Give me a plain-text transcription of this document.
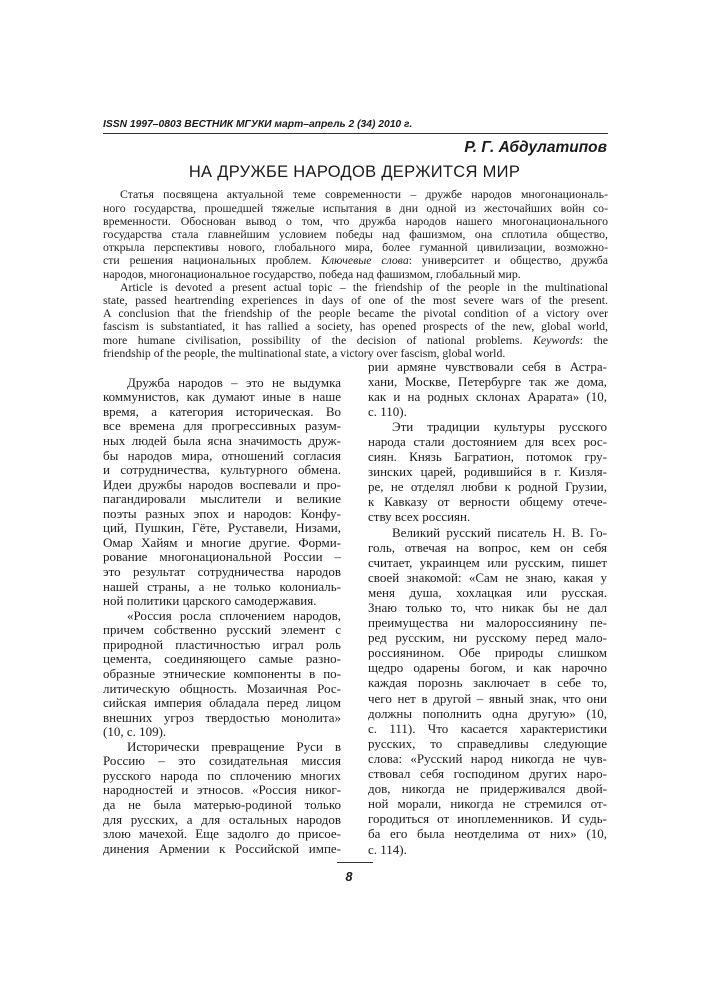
ISSN 1997–0803 ВЕСТНИК МГУКИ март–апрель 2 (34) 2010 г.
Р. Г. Абдулатипов
НА ДРУЖБЕ НАРОДОВ ДЕРЖИТСЯ МИР
Статья посвящена актуальной теме современности – дружбе народов многонациональ-
ного государства, прошедшей тяжелые испытания в дни одной из жесточайших войн со-
временности. Обоснован вывод о том, что дружба народов нашего многонационального
государства стала главнейшим условием победы над фашизмом, она сплотила общество,
открыла перспективы нового, глобального мира, более гуманной цивилизации, возможно-
сти решения национальных проблем. Ключевые слова: университет и общество, дружба
народов, многонациональное государство, победа над фашизмом, глобальный мир.
Article is devoted a present actual topic – the friendship of the people in the multinational
state, passed heartrending experiences in days of one of the most severe wars of the present.
A conclusion that the friendship of the people became the pivotal condition of a victory over
fascism is substantiated, it has rallied a society, has opened prospects of the new, global world,
more humane civilisation, possibility of the decision of national problems. Keywords: the
friendship of the people, the multinational state, a victory over fascism, global world.
Дружба народов – это не выдумка
коммунистов, как думают иные в наше
время, а категория историческая. Во
все времена для прогрессивных разум-
ных людей была ясна значимость друж-
бы народов мира, отношений согласия
и сотрудничества, культурного обмена.
Идеи дружбы народов воспевали и про-
пагандировали мыслители и великие
поэты разных эпох и народов: Конфу-
ций, Пушкин, Гёте, Руставели, Низами,
Омар Хайям и многие другие. Форми-
рование многонациональной России –
это результат сотрудничества народов
нашей страны, а не только колониаль-
ной политики царского самодержавия.
«Россия росла сплочением народов,
причем собственно русский элемент с
природной пластичностью играл роль
цемента, соединяющего самые разно-
образные этнические компоненты в по-
литическую общность. Мозаичная Рос-
сийская империя обладала перед лицом
внешних угроз твердостью монолита»
(10, с. 109).
Исторически превращение Руси в
Россию – это созидательная миссия
русского народа по сплочению многих
народностей и этносов. «Россия никог-
да не была матерью-родиной только
для русских, а для остальных народов
злою мачехой. Еще задолго до присое-
динения Армении к Российской импе-
рии армяне чувствовали себя в Астра-
хани, Москве, Петербурге так же дома,
как и на родных склонах Арарата» (10,
с. 110).
Эти традиции культуры русского
народа стали достоянием для всех рос-
сиян. Князь Багратион, потомок гру-
зинских царей, родившийся в г. Кизля-
ре, не отделял любви к родной Грузии,
к Кавказу от верности общему отече-
ству всех россиян.
Великий русский писатель Н. В. Го-
голь, отвечая на вопрос, кем он себя
считает, украинцем или русским, пишет
своей знакомой: «Сам не знаю, какая у
меня душа, хохлацкая или русская.
Знаю только то, что никак бы не дал
преимущества ни малороссиянину пе-
ред русским, ни русскому перед мало-
россиянином. Обе природы слишком
щедро одарены богом, и как нарочно
каждая порознь заключает в себе то,
чего нет в другой – явный знак, что они
должны пополнить одна другую» (10,
с. 111). Что касается характеристики
русских, то справедливы следующие
слова: «Русский народ никогда не чув-
ствовал себя господином других наро-
дов, никогда не придерживался двой-
ной морали, никогда не стремился от-
городиться от иноплеменников. И судь-
ба его была неотделима от них» (10,
с. 114).
8
